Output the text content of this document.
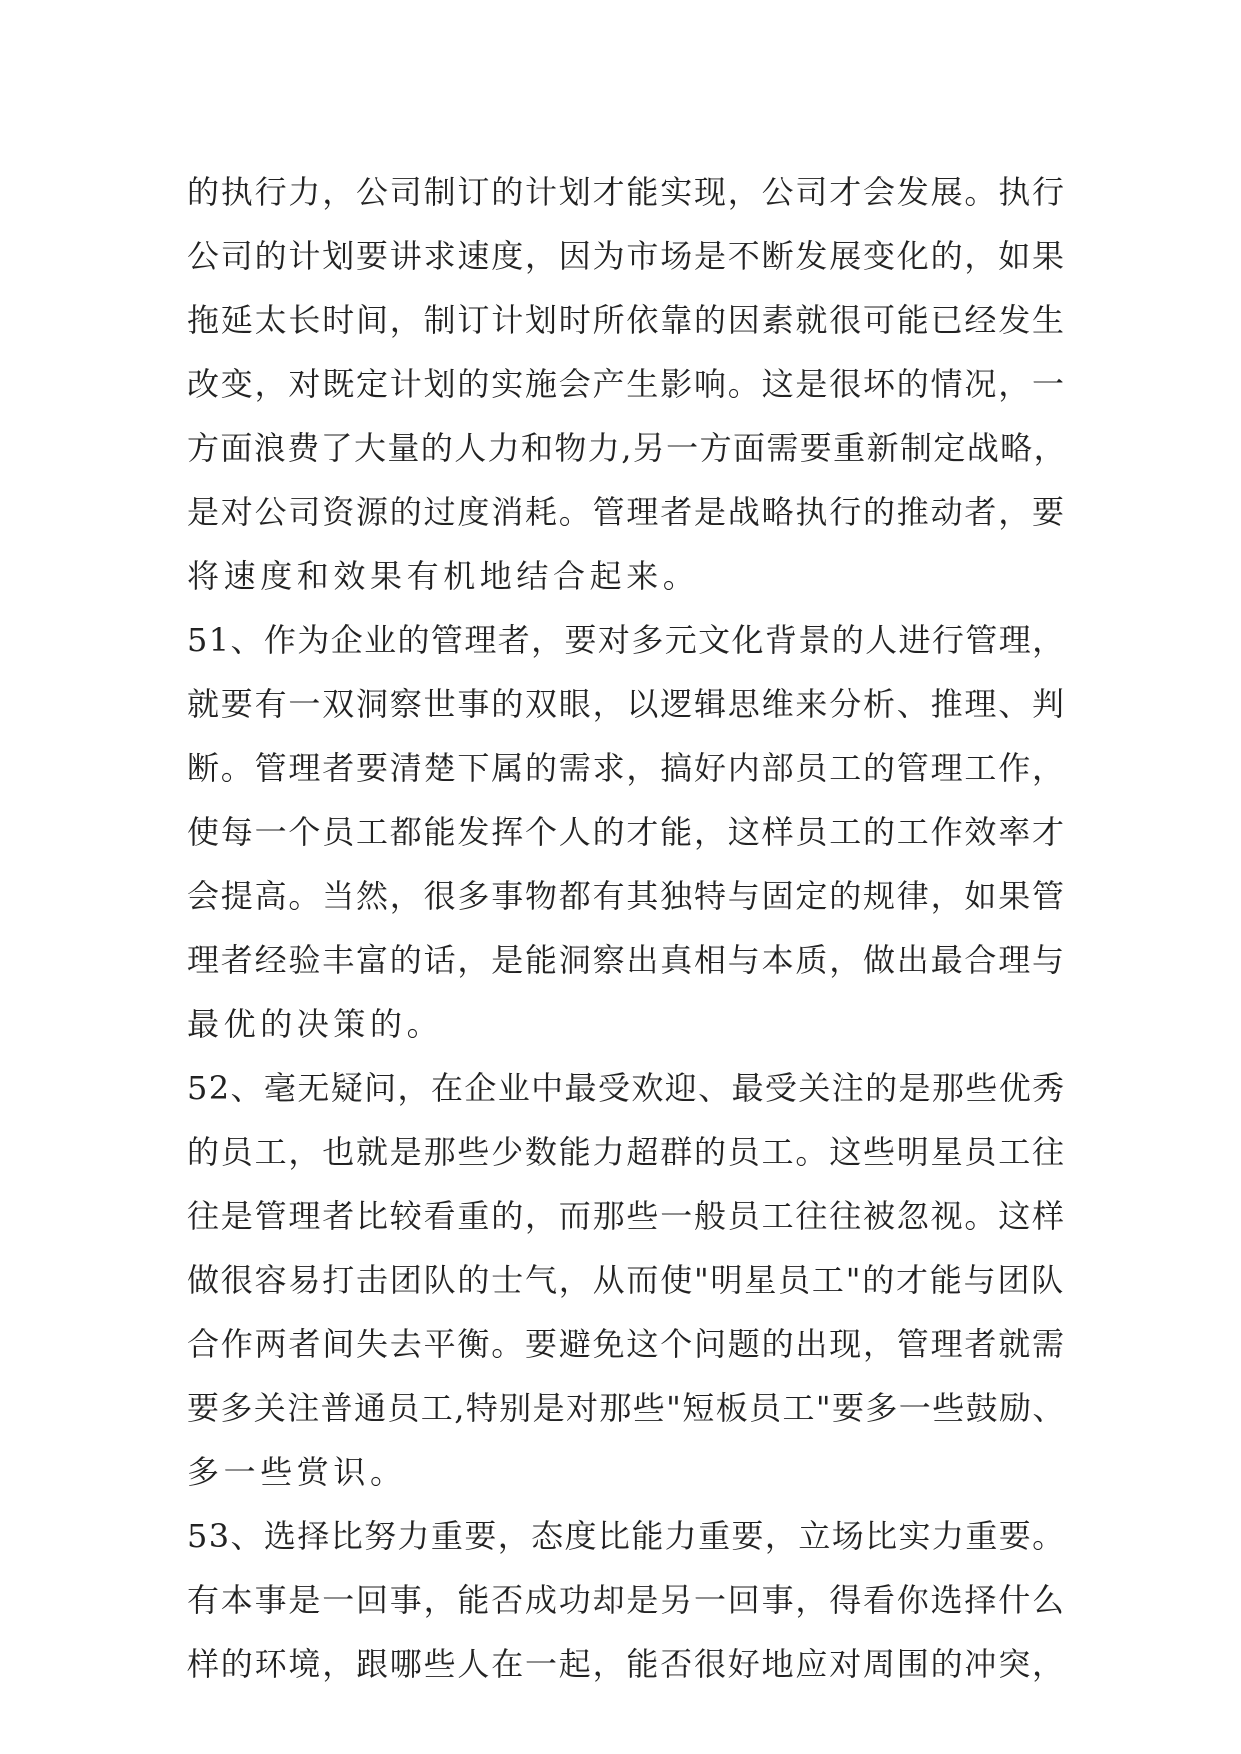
的执行力，公司制订的计划才能实现，公司才会发展。执行
公司的计划要讲求速度，因为市场是不断发展变化的，如果
拖延太长时间，制订计划时所依靠的因素就很可能已经发生
改变，对既定计划的实施会产生影响。这是很坏的情况，一
方面浪费了大量的人力和物力,另一方面需要重新制定战略，
是对公司资源的过度消耗。管理者是战略执行的推动者，要
将速度和效果有机地结合起来。
51、作为企业的管理者，要对多元文化背景的人进行管理，
就要有一双洞察世事的双眼，以逻辑思维来分析、推理、判
断。管理者要清楚下属的需求，搞好内部员工的管理工作，
使每一个员工都能发挥个人的才能，这样员工的工作效率才
会提高。当然，很多事物都有其独特与固定的规律，如果管
理者经验丰富的话，是能洞察出真相与本质，做出最合理与
最优的决策的。
52、毫无疑问，在企业中最受欢迎、最受关注的是那些优秀
的员工，也就是那些少数能力超群的员工。这些明星员工往
往是管理者比较看重的，而那些一般员工往往被忽视。这样
做很容易打击团队的士气，从而使"明星员工"的才能与团队
合作两者间失去平衡。要避免这个问题的出现，管理者就需
要多关注普通员工,特别是对那些"短板员工"要多一些鼓励、
多一些赏识。
53、选择比努力重要，态度比能力重要，立场比实力重要。
有本事是一回事，能否成功却是另一回事，得看你选择什么
样的环境，跟哪些人在一起，能否很好地应对周围的冲突，
